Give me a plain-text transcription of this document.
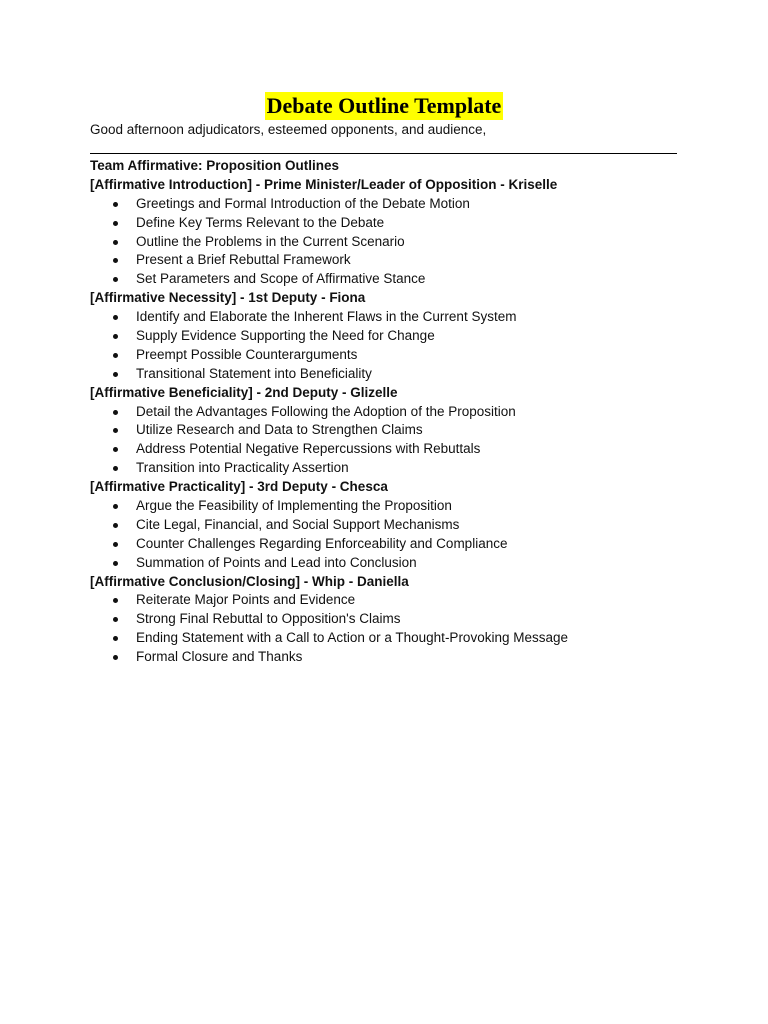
Debate Outline Template
Good afternoon adjudicators, esteemed opponents, and audience,
Team Affirmative: Proposition Outlines
[Affirmative Introduction] - Prime Minister/Leader of Opposition - Kriselle
Greetings and Formal Introduction of the Debate Motion
Define Key Terms Relevant to the Debate
Outline the Problems in the Current Scenario
Present a Brief Rebuttal Framework
Set Parameters and Scope of Affirmative Stance
[Affirmative Necessity] - 1st Deputy - Fiona
Identify and Elaborate the Inherent Flaws in the Current System
Supply Evidence Supporting the Need for Change
Preempt Possible Counterarguments
Transitional Statement into Beneficiality
[Affirmative Beneficiality] - 2nd Deputy - Glizelle
Detail the Advantages Following the Adoption of the Proposition
Utilize Research and Data to Strengthen Claims
Address Potential Negative Repercussions with Rebuttals
Transition into Practicality Assertion
[Affirmative Practicality] - 3rd Deputy - Chesca
Argue the Feasibility of Implementing the Proposition
Cite Legal, Financial, and Social Support Mechanisms
Counter Challenges Regarding Enforceability and Compliance
Summation of Points and Lead into Conclusion
[Affirmative Conclusion/Closing] - Whip - Daniella
Reiterate Major Points and Evidence
Strong Final Rebuttal to Opposition's Claims
Ending Statement with a Call to Action or a Thought-Provoking Message
Formal Closure and Thanks
